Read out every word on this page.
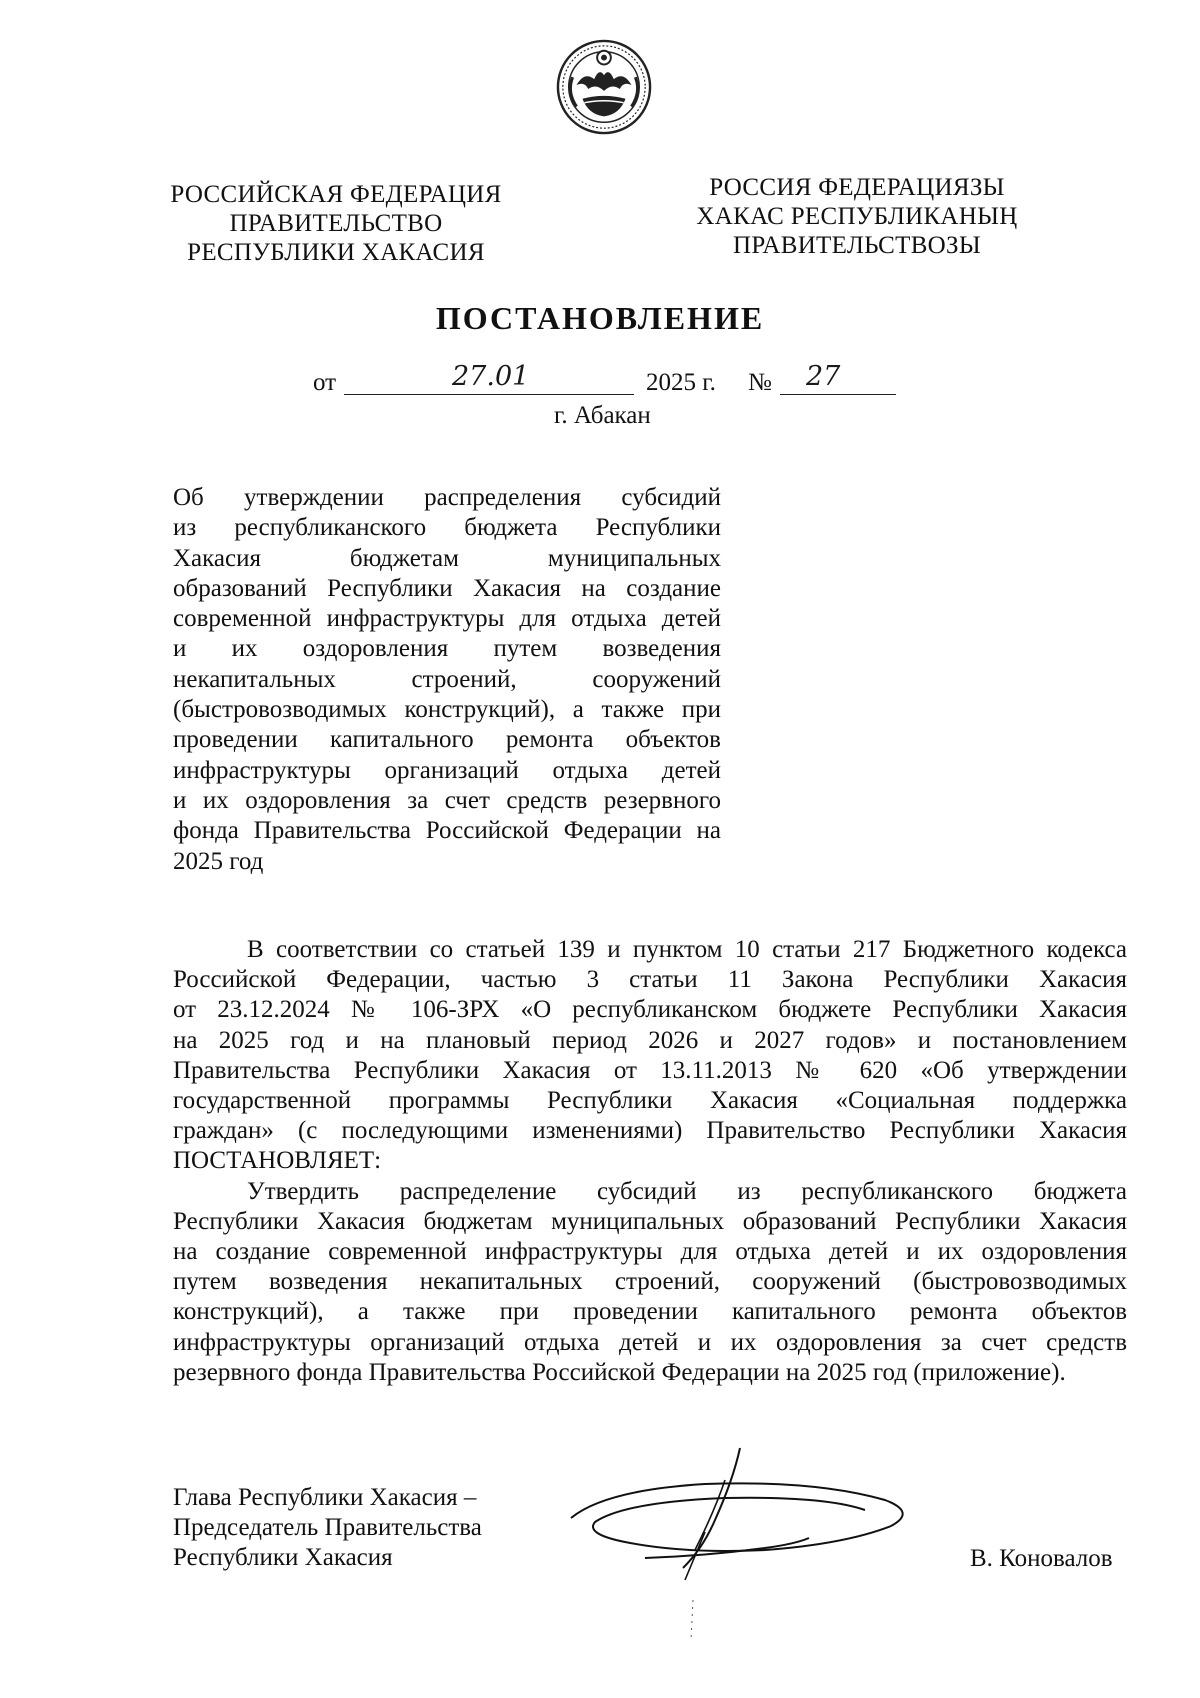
РОССИЙСКАЯ ФЕДЕРАЦИЯ
ПРАВИТЕЛЬСТВО
РЕСПУБЛИКИ ХАКАСИЯ
РОССИЯ ФЕДЕРАЦИЯЗЫ
ХАКАС РЕСПУБЛИКАНЫҢ
ПРАВИТЕЛЬСТВОЗЫ
ПОСТАНОВЛЕНИЕ
от	27.01	2025 г. № 27
г. Абакан
Об утверждении распределения субсидий
из республиканского бюджета Республики
Хакасия бюджетам муниципальных
образований Республики Хакасия на создание
современной инфраструктуры для отдыха детей
и их оздоровления путем возведения
некапитальных строений, сооружений
(быстровозводимых конструкций), а также при
проведении капитального ремонта объектов
инфраструктуры организаций отдыха детей
и их оздоровления за счет средств резервного
фонда Правительства Российской Федерации на
2025 год
В соответствии со статьей 139 и пунктом 10 статьи 217 Бюджетного кодекса
Российской Федерации, частью 3 статьи 11 Закона Республики Хакасия
от 23.12.2024 № 106-ЗРХ «О республиканском бюджете Республики Хакасия
на 2025 год и на плановый период 2026 и 2027 годов» и постановлением
Правительства Республики Хакасия от 13.11.2013 № 620 «Об утверждении
государственной программы Республики Хакасия «Социальная поддержка
граждан» (с последующими изменениями) Правительство Республики Хакасия
ПОСТАНОВЛЯЕТ:
Утвердить распределение субсидий из республиканского бюджета
Республики Хакасия бюджетам муниципальных образований Республики Хакасия
на создание современной инфраструктуры для отдыха детей и их оздоровления
путем возведения некапитальных строений, сооружений (быстровозводимых
конструкций), а также при проведении капитального ремонта объектов
инфраструктуры организаций отдыха детей и их оздоровления за счет средств
резервного фонда Правительства Российской Федерации на 2025 год (приложение).
Глава Республики Хакасия –
Председатель Правительства
Республики Хакасия	В. Коновалов
